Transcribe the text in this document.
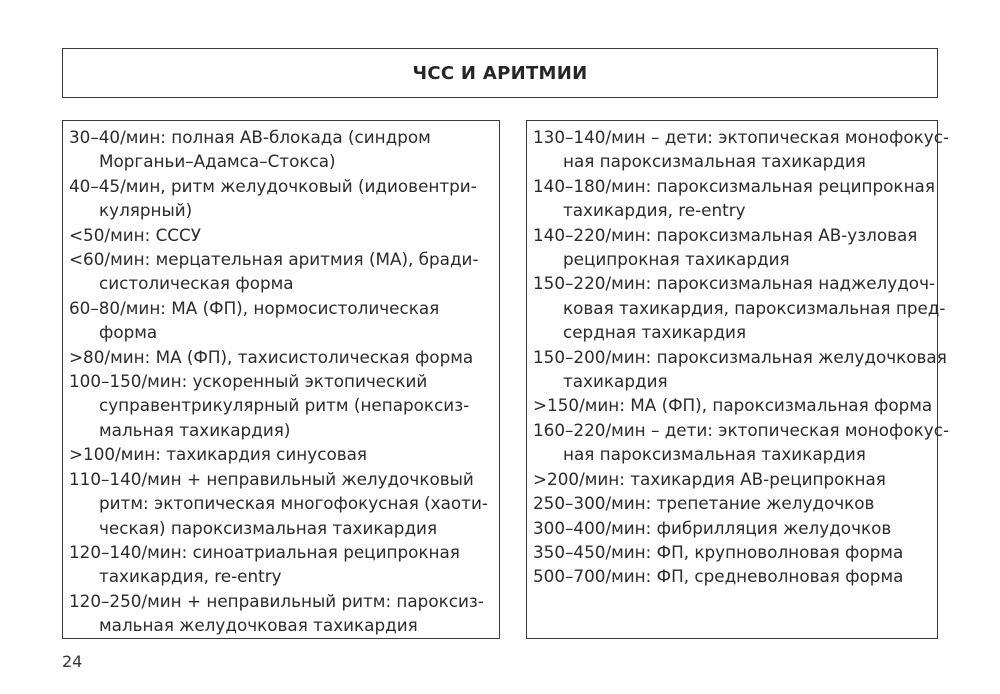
ЧСС И АРИТМИИ
30–40/мин: полная АВ-блокада (синдром
Морганьи–Адамса–Стокса)
40–45/мин, ритм желудочковый (идиовентри-
кулярный)
<50/мин: СССУ
<60/мин: мерцательная аритмия (МА), бради-
систолическая форма
60–80/мин: МА (ФП), нормосистолическая
форма
>80/мин: МА (ФП), тахисистолическая форма
100–150/мин: ускоренный эктопический
суправентрикулярный ритм (непароксиз-
мальная тахикардия)
>100/мин: тахикардия синусовая
110–140/мин + неправильный желудочковый
ритм: эктопическая многофокусная (хаоти-
ческая) пароксизмальная тахикардия
120–140/мин: синоатриальная реципрокная
тахикардия, re-entry
120–250/мин + неправильный ритм: пароксиз-
мальная желудочковая тахикардия
130–140/мин – дети: эктопическая монофокус-
ная пароксизмальная тахикардия
140–180/мин: пароксизмальная реципрокная
тахикардия, re-entry
140–220/мин: пароксизмальная АВ-узловая
реципрокная тахикардия
150–220/мин: пароксизмальная наджелудоч-
ковая тахикардия, пароксизмальная пред-
сердная тахикардия
150–200/мин: пароксизмальная желудочковая
тахикардия
>150/мин: МА (ФП), пароксизмальная форма
160–220/мин – дети: эктопическая монофокус-
ная пароксизмальная тахикардия
>200/мин: тахикардия АВ-реципрокная
250–300/мин: трепетание желудочков
300–400/мин: фибрилляция желудочков
350–450/мин: ФП, крупноволновая форма
500–700/мин: ФП, средневолновая форма
24
